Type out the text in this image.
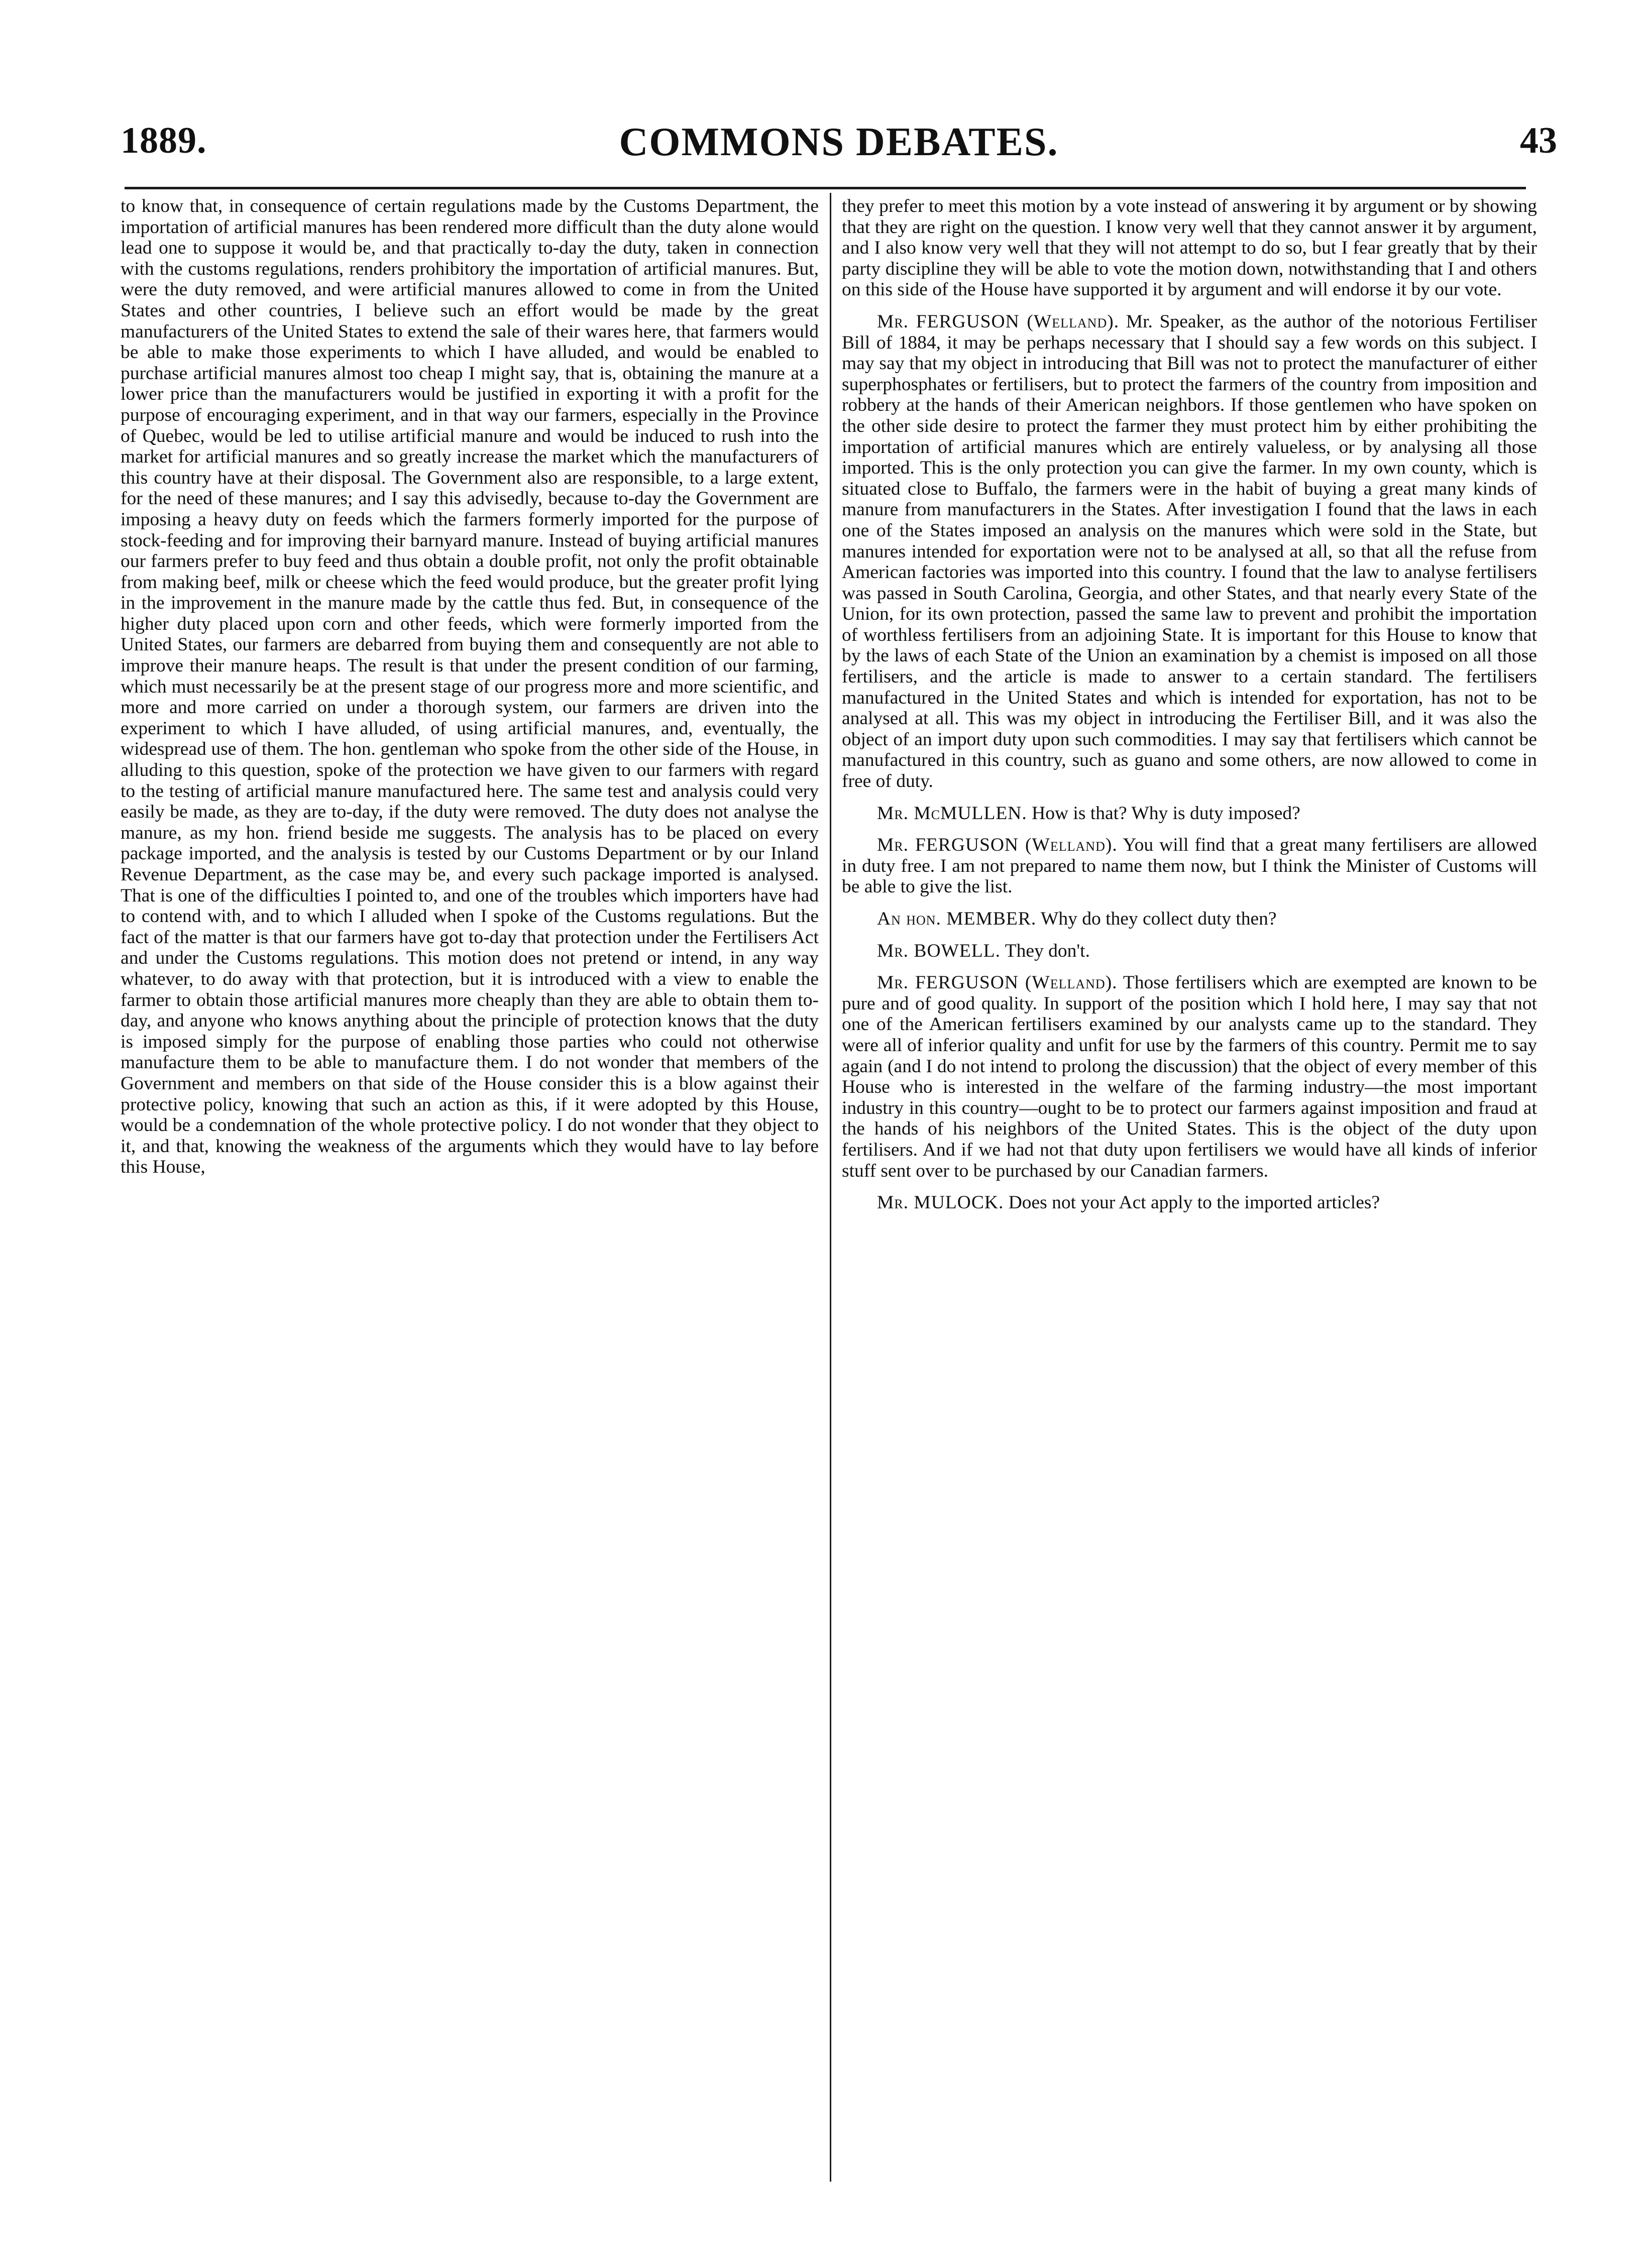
1889.	COMMONS DEBATES.	43

to know that, in consequence of certain regulations made by the Customs Department, the importation of artificial manures has been rendered more difficult than the duty alone would lead one to suppose it would be, and that practically to-day the duty, taken in connection with the customs regulations, renders prohibitory the importation of artificial manures. But, were the duty removed, and were artificial manures allowed to come in from the United States and other countries, I believe such an effort would be made by the great manufacturers of the United States to extend the sale of their wares here, that farmers would be able to make those experiments to which I have alluded, and would be enabled to purchase artificial manures almost too cheap I might say, that is, obtaining the manure at a lower price than the manufacturers would be justified in exporting it with a profit for the purpose of encouraging experiment, and in that way our farmers, especially in the Province of Quebec, would be led to utilise artificial manure and would be induced to rush into the market for artificial manures and so greatly increase the market which the manufacturers of this country have at their disposal. The Government also are responsible, to a large extent, for the need of these manures; and I say this advisedly, because to-day the Government are imposing a heavy duty on feeds which the farmers formerly imported for the purpose of stock-feeding and for improving their barnyard manure. Instead of buying artificial manures our farmers prefer to buy feed and thus obtain a double profit, not only the profit obtainable from making beef, milk or cheese which the feed would produce, but the greater profit lying in the improvement in the manure made by the cattle thus fed. But, in consequence of the higher duty placed upon corn and other feeds, which were formerly imported from the United States, our farmers are debarred from buying them and consequently are not able to improve their manure heaps. The result is that under the present condition of our farming, which must necessarily be at the present stage of our progress more and more scientific, and more and more carried on under a thorough system, our farmers are driven into the experiment to which I have alluded, of using artificial manures, and, eventually, the widespread use of them. The hon. gentleman who spoke from the other side of the House, in alluding to this question, spoke of the protection we have given to our farmers with regard to the testing of artificial manure manufactured here. The same test and analysis could very easily be made, as they are to-day, if the duty were removed. The duty does not analyse the manure, as my hon. friend beside me suggests. The analysis has to be placed on every package imported, and the analysis is tested by our Customs Department or by our Inland Revenue Department, as the case may be, and every such package imported is analysed. That is one of the difficulties I pointed to, and one of the troubles which importers have had to contend with, and to which I alluded when I spoke of the Customs regulations. But the fact of the matter is that our farmers have got to-day that protection under the Fertilisers Act and under the Customs regulations. This motion does not pretend or intend, in any way whatever, to do away with that protection, but it is introduced with a view to enable the farmer to obtain those artificial manures more cheaply than they are able to obtain them to-day, and anyone who knows anything about the principle of protection knows that the duty is imposed simply for the purpose of enabling those parties who could not otherwise manufacture them to be able to manufacture them. I do not wonder that members of the Government and members on that side of the House consider this is a blow against their protective policy, knowing that such an action as this, if it were adopted by this House, would be a condemnation of the whole protective policy. I do not wonder that they object to it, and that, knowing the weakness of the arguments which they would have to lay before this House,

they prefer to meet this motion by a vote instead of answering it by argument or by showing that they are right on the question. I know very well that they cannot answer it by argument, and I also know very well that they will not attempt to do so, but I fear greatly that by their party discipline they will be able to vote the motion down, notwithstanding that I and others on this side of the House have supported it by argument and will endorse it by our vote.

Mr. FERGUSON (Welland). Mr. Speaker, as the author of the notorious Fertiliser Bill of 1884, it may be perhaps necessary that I should say a few words on this subject. I may say that my object in introducing that Bill was not to protect the manufacturer of either superphosphates or fertilisers, but to protect the farmers of the country from imposition and robbery at the hands of their American neighbors. If those gentlemen who have spoken on the other side desire to protect the farmer they must protect him by either prohibiting the importation of artificial manures which are entirely valueless, or by analysing all those imported. This is the only protection you can give the farmer. In my own county, which is situated close to Buffalo, the farmers were in the habit of buying a great many kinds of manure from manufacturers in the States. After investigation I found that the laws in each one of the States imposed an analysis on the manures which were sold in the State, but manures intended for exportation were not to be analysed at all, so that all the refuse from American factories was imported into this country. I found that the law to analyse fertilisers was passed in South Carolina, Georgia, and other States, and that nearly every State of the Union, for its own protection, passed the same law to prevent and prohibit the importation of worthless fertilisers from an adjoining State. It is important for this House to know that by the laws of each State of the Union an examination by a chemist is imposed on all those fertilisers, and the article is made to answer to a certain standard. The fertilisers manufactured in the United States and which is intended for exportation, has not to be analysed at all. This was my object in introducing the Fertiliser Bill, and it was also the object of an import duty upon such commodities. I may say that fertilisers which cannot be manufactured in this country, such as guano and some others, are now allowed to come in free of duty.

Mr. McMULLEN. How is that? Why is duty imposed?

Mr. FERGUSON (Welland). You will find that a great many fertilisers are allowed in duty free. I am not prepared to name them now, but I think the Minister of Customs will be able to give the list.

An hon. MEMBER. Why do they collect duty then?

Mr. BOWELL. They don't.

Mr. FERGUSON (Welland). Those fertilisers which are exempted are known to be pure and of good quality. In support of the position which I hold here, I may say that not one of the American fertilisers examined by our analysts came up to the standard. They were all of inferior quality and unfit for use by the farmers of this country. Permit me to say again (and I do not intend to prolong the discussion) that the object of every member of this House who is interested in the welfare of the farming industry—the most important industry in this country—ought to be to protect our farmers against imposition and fraud at the hands of his neighbors of the United States. This is the object of the duty upon fertilisers. And if we had not that duty upon fertilisers we would have all kinds of inferior stuff sent over to be purchased by our Canadian farmers.

Mr. MULOCK. Does not your Act apply to the imported articles?
